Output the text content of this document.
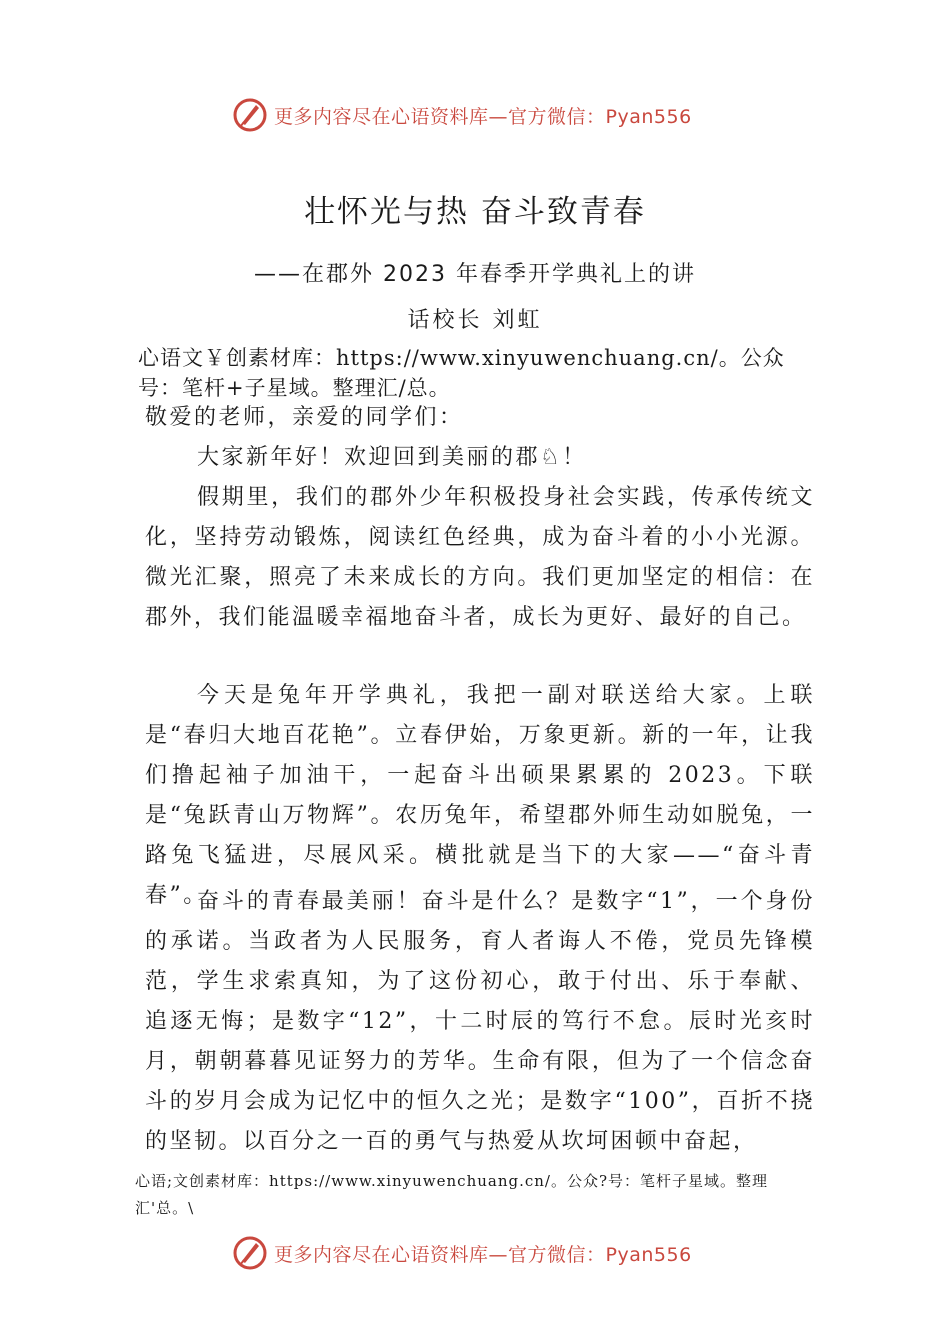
更多内容尽在心语资料库—官方微信：Pyan556
壮怀光与热 奋斗致青春
——在郡外 2023 年春季开学典礼上的讲
话校长 刘虹
心语文￥创素材库：https://www.xinyuwenchuang.cn/。公众号：笔杆+子星域。整理汇/总。
敬爱的老师，亲爱的同学们：
大家新年好！欢迎回到美丽的郡♘！
假期里，我们的郡外少年积极投身社会实践，传承传统文化，坚持劳动锻炼，阅读红色经典，成为奋斗着的小小光源。微光汇聚，照亮了未来成长的方向。我们更加坚定的相信：在郡外，我们能温暖幸福地奋斗者，成长为更好、最好的自己。
今天是兔年开学典礼，我把一副对联送给大家。上联是“春归大地百花艳”。立春伊始，万象更新。新的一年，让我们撸起袖子加油干，一起奋斗出硕果累累的 2023。下联是“兔跃青山万物辉”。农历兔年，希望郡外师生动如脱兔，一路兔飞猛进，尽展风采。横批就是当下的大家——“奋斗青春”。
奋斗的青春最美丽！奋斗是什么？是数字“1”，一个身份的承诺。当政者为人民服务，育人者诲人不倦，党员先锋模范，学生求索真知，为了这份初心，敢于付出、乐于奉献、 追逐无悔；是数字“12”，十二时辰的笃行不怠。辰时光亥时月，朝朝暮暮见证努力的芳华。生命有限，但为了一个信念奋斗的岁月会成为记忆中的恒久之光；是数字“100”，百折不挠的坚韧。以百分之一百的勇气与热爱从坎坷困顿中奋起，
心语;文创素材库：https://www.xinyuwenchuang.cn/。公众?号：笔杆子星域。整理汇'总。\
更多内容尽在心语资料库—官方微信：Pyan556
